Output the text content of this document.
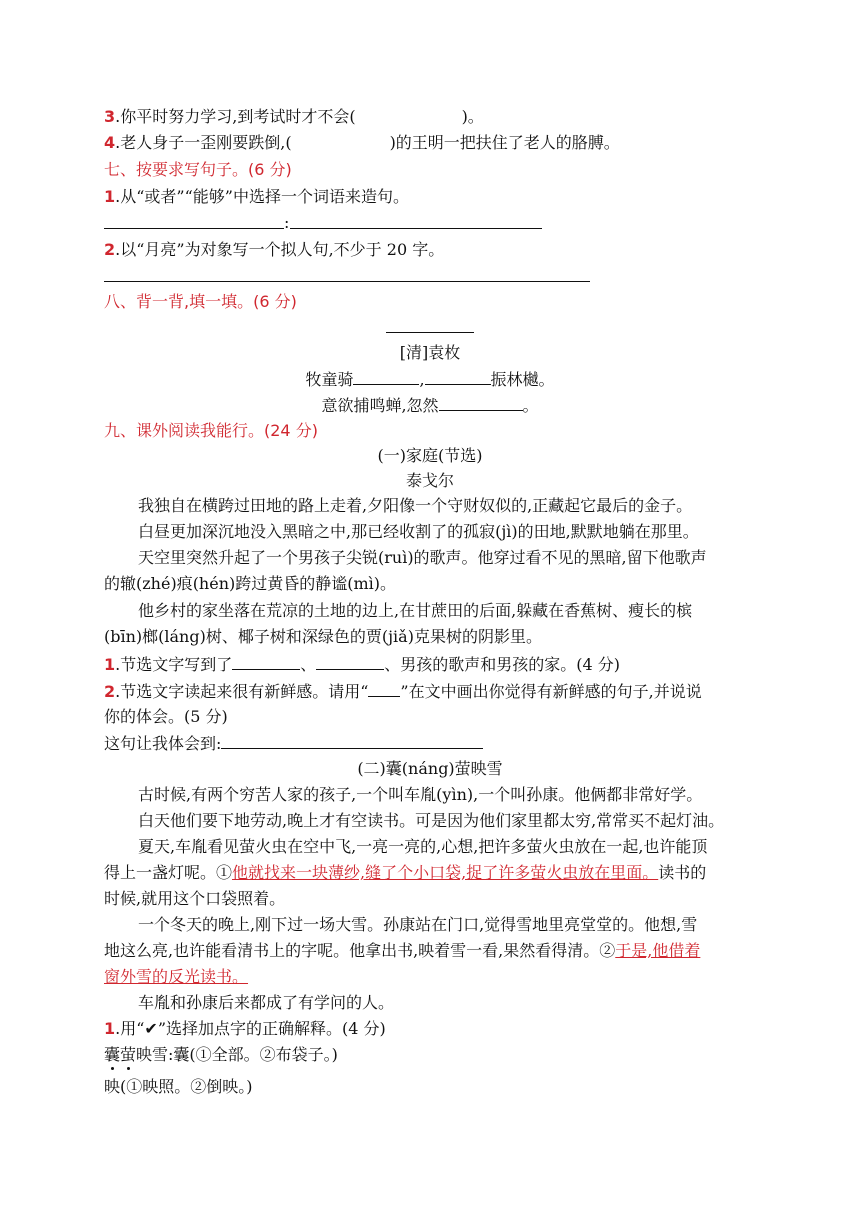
3.你平时努力学习,到考试时才不会(	)。
4.老人身子一歪刚要跌倒,(	)的王明一把扶住了老人的胳膊。
七、按要求写句子。(6 分)
1.从“或者”“能够”中选择一个词语来造句。
:
2.以“月亮”为对象写一个拟人句,不少于 20 字。
八、背一背,填一填。(6 分)
[清]袁枚
牧童骑	,	振林樾。
意欲捕鸣蝉,忽然	。
九、课外阅读我能行。(24 分)
(一)家庭(节选)
泰戈尔
我独自在横跨过田地的路上走着,夕阳像一个守财奴似的,正藏起它最后的金子。
白昼更加深沉地没入黑暗之中,那已经收割了的孤寂(jì)的田地,默默地躺在那里。
天空里突然升起了一个男孩子尖锐(ruì)的歌声。他穿过看不见的黑暗,留下他歌声
的辙(zhé)痕(hén)跨过黄昏的静谧(mì)。
他乡村的家坐落在荒凉的土地的边上,在甘蔗田的后面,躲藏在香蕉树、瘦长的槟
(bīn)榔(láng)树、椰子树和深绿色的贾(jiǎ)克果树的阴影里。
1.节选文字写到了	、	、男孩的歌声和男孩的家。(4 分)
2.节选文字读起来很有新鲜感。请用“ ”在文中画出你觉得有新鲜感的句子,并说说
你的体会。(5 分)
这句让我体会到:
(二)囊(náng)萤映雪
古时候,有两个穷苦人家的孩子,一个叫车胤(yìn),一个叫孙康。他俩都非常好学。
白天他们要下地劳动,晚上才有空读书。可是因为他们家里都太穷,常常买不起灯油。
夏天,车胤看见萤火虫在空中飞,一亮一亮的,心想,把许多萤火虫放在一起,也许能顶
得上一盏灯呢。①他就找来一块薄纱,缝了个小口袋,捉了许多萤火虫放在里面。读书的
时候,就用这个口袋照着。
一个冬天的晚上,刚下过一场大雪。孙康站在门口,觉得雪地里亮堂堂的。他想,雪
地这么亮,也许能看清书上的字呢。他拿出书,映着雪一看,果然看得清。②于是,他借着
窗外雪的反光读书。
车胤和孙康后来都成了有学问的人。
1.用“✔”选择加点字的正确解释。(4 分)
囊萤映雪:囊(①全部。②布袋子。)
映(①映照。②倒映。)
